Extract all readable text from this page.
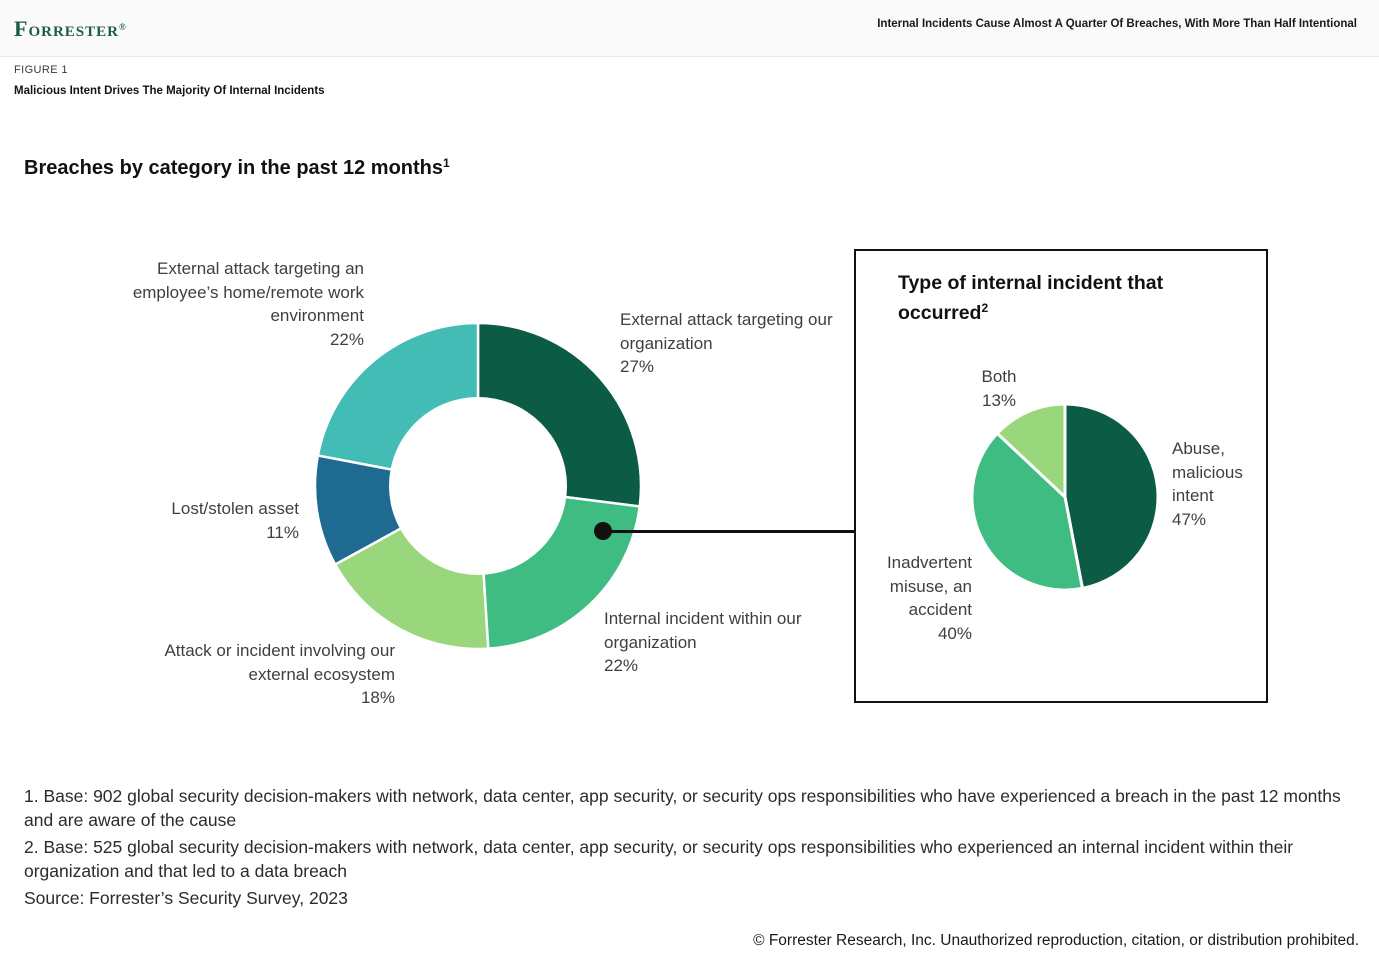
Forrester®	Internal Incidents Cause Almost A Quarter Of Breaches, With More Than Half Intentional
FIGURE 1
Malicious Intent Drives The Majority Of Internal Incidents
Breaches by category in the past 12 months$^1$
External attack targeting an employee’s home/remote work environment
22%
External attack targeting our organization
27%
Lost/stolen asset
11%
Attack or incident involving our external ecosystem
18%
Internal incident within our organization
22%
Type of internal incident that occurred$^2$
Both
13%
Abuse, malicious intent
47%
Inadvertent misuse, an accident
40%

1. Base: 902 global security decision-makers with network, data center, app security, or security ops responsibilities who have experienced a breach in the past 12 months and are aware of the cause

2. Base: 525 global security decision-makers with network, data center, app security, or security ops responsibilities who experienced an internal incident within their organization and that led to a data breach

Source: Forrester’s Security Survey, 2023

© Forrester Research, Inc. Unauthorized reproduction, citation, or distribution prohibited.
